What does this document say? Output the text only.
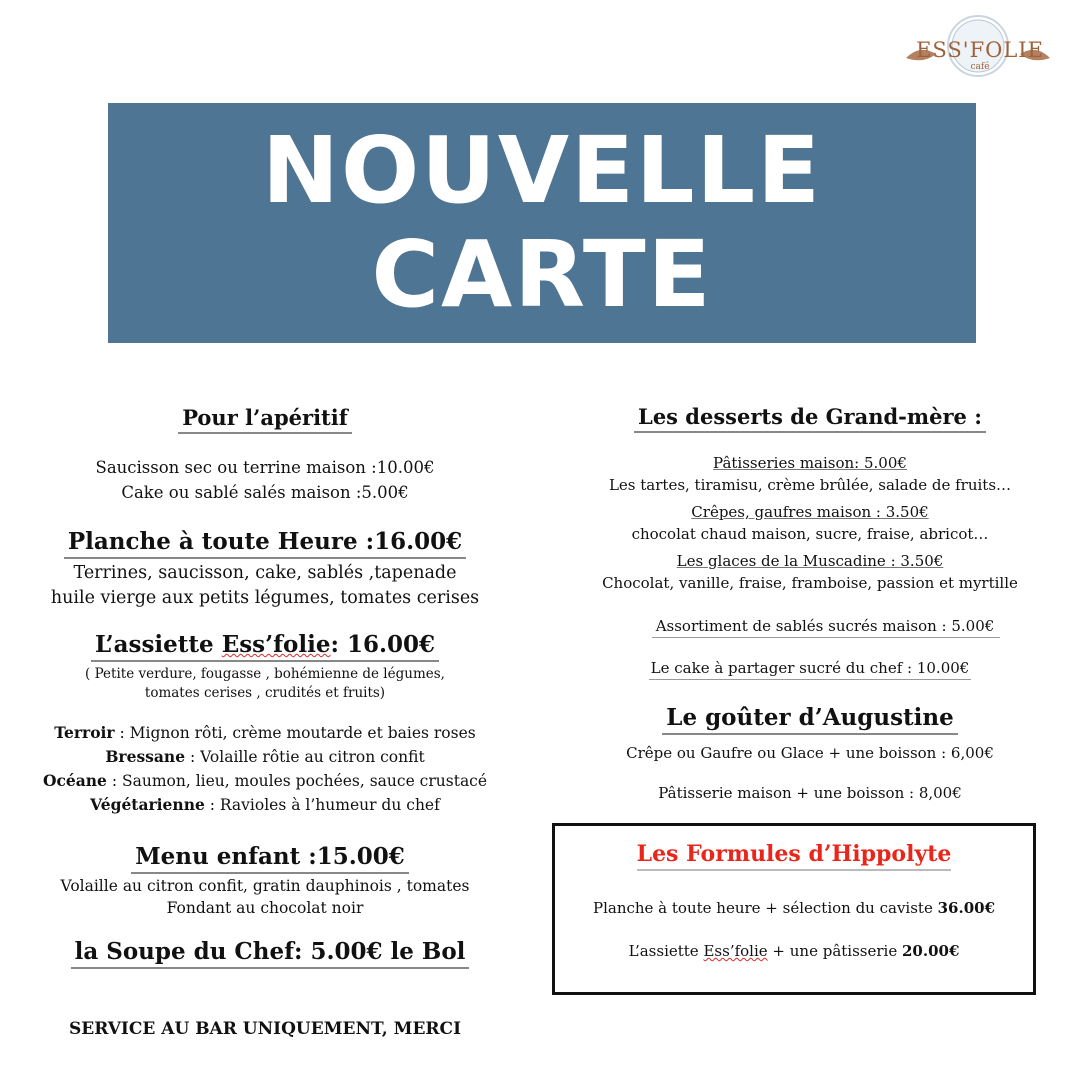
ESS'FOLIE
café
NOUVELLE
CARTE
Pour l’apéritif
Saucisson sec ou terrine maison :10.00€
Cake ou sablé salés maison :5.00€
Planche à toute Heure :16.00€
Terrines, saucisson, cake, sablés ,tapenade
huile vierge aux petits légumes, tomates cerises
L’assiette Ess’folie: 16.00€
( Petite verdure, fougasse , bohémienne de légumes,
tomates cerises , crudités et fruits)
Terroir : Mignon rôti, crème moutarde et baies roses
Bressane : Volaille rôtie au citron confit
Océane : Saumon, lieu, moules pochées, sauce crustacé
Végétarienne : Ravioles à l’humeur du chef
Menu enfant :15.00€
Volaille au citron confit, gratin dauphinois , tomates
Fondant au chocolat noir
la Soupe du Chef: 5.00€ le Bol
SERVICE AU BAR UNIQUEMENT, MERCI
Les desserts de Grand-mère :
Pâtisseries maison: 5.00€
Les tartes, tiramisu, crème brûlée, salade de fruits…
Crêpes, gaufres maison : 3.50€
chocolat chaud maison, sucre, fraise, abricot…
Les glaces de la Muscadine : 3.50€
Chocolat, vanille, fraise, framboise, passion et myrtille
Assortiment de sablés sucrés maison : 5.00€
Le cake à partager sucré du chef : 10.00€
Le goûter d’Augustine
Crêpe ou Gaufre ou Glace + une boisson : 6,00€
Pâtisserie maison + une boisson : 8,00€
Les Formules d’Hippolyte
Planche à toute heure + sélection du caviste 36.00€
L’assiette Ess’folie + une pâtisserie 20.00€
